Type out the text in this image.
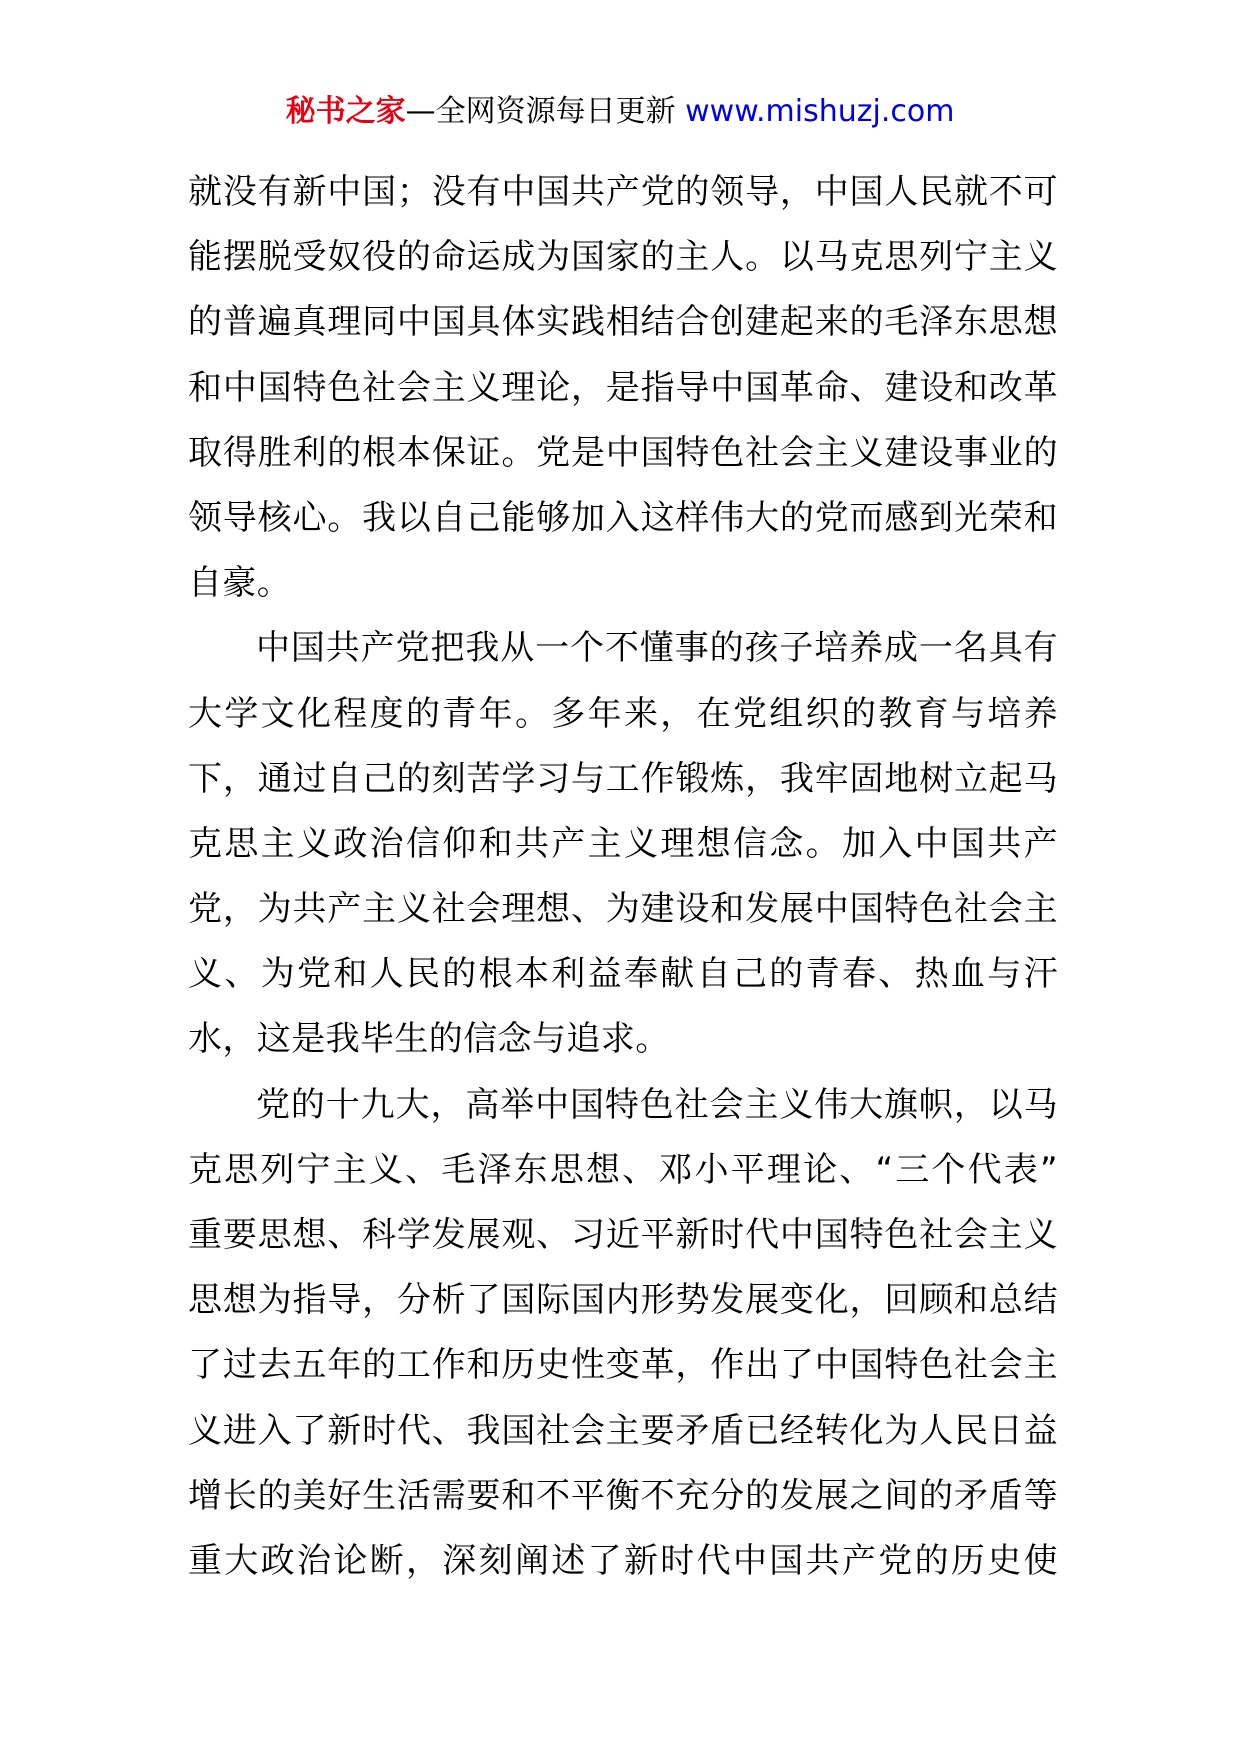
秘书之家—全网资源每日更新 www.mishuzj.com
就没有新中国；没有中国共产党的领导，中国人民就不可
能摆脱受奴役的命运成为国家的主人。以马克思列宁主义
的普遍真理同中国具体实践相结合创建起来的毛泽东思想
和中国特色社会主义理论，是指导中国革命、建设和改革
取得胜利的根本保证。党是中国特色社会主义建设事业的
领导核心。我以自己能够加入这样伟大的党而感到光荣和
自豪。
中国共产党把我从一个不懂事的孩子培养成一名具有
大学文化程度的青年。多年来，在党组织的教育与培养
下，通过自己的刻苦学习与工作锻炼，我牢固地树立起马
克思主义政治信仰和共产主义理想信念。加入中国共产
党，为共产主义社会理想、为建设和发展中国特色社会主
义、为党和人民的根本利益奉献自己的青春、热血与汗
水，这是我毕生的信念与追求。
党的十九大，高举中国特色社会主义伟大旗帜，以马
克思列宁主义、毛泽东思想、邓小平理论、“三个代表”
重要思想、科学发展观、习近平新时代中国特色社会主义
思想为指导，分析了国际国内形势发展变化，回顾和总结
了过去五年的工作和历史性变革，作出了中国特色社会主
义进入了新时代、我国社会主要矛盾已经转化为人民日益
增长的美好生活需要和不平衡不充分的发展之间的矛盾等
重大政治论断，深刻阐述了新时代中国共产党的历史使
